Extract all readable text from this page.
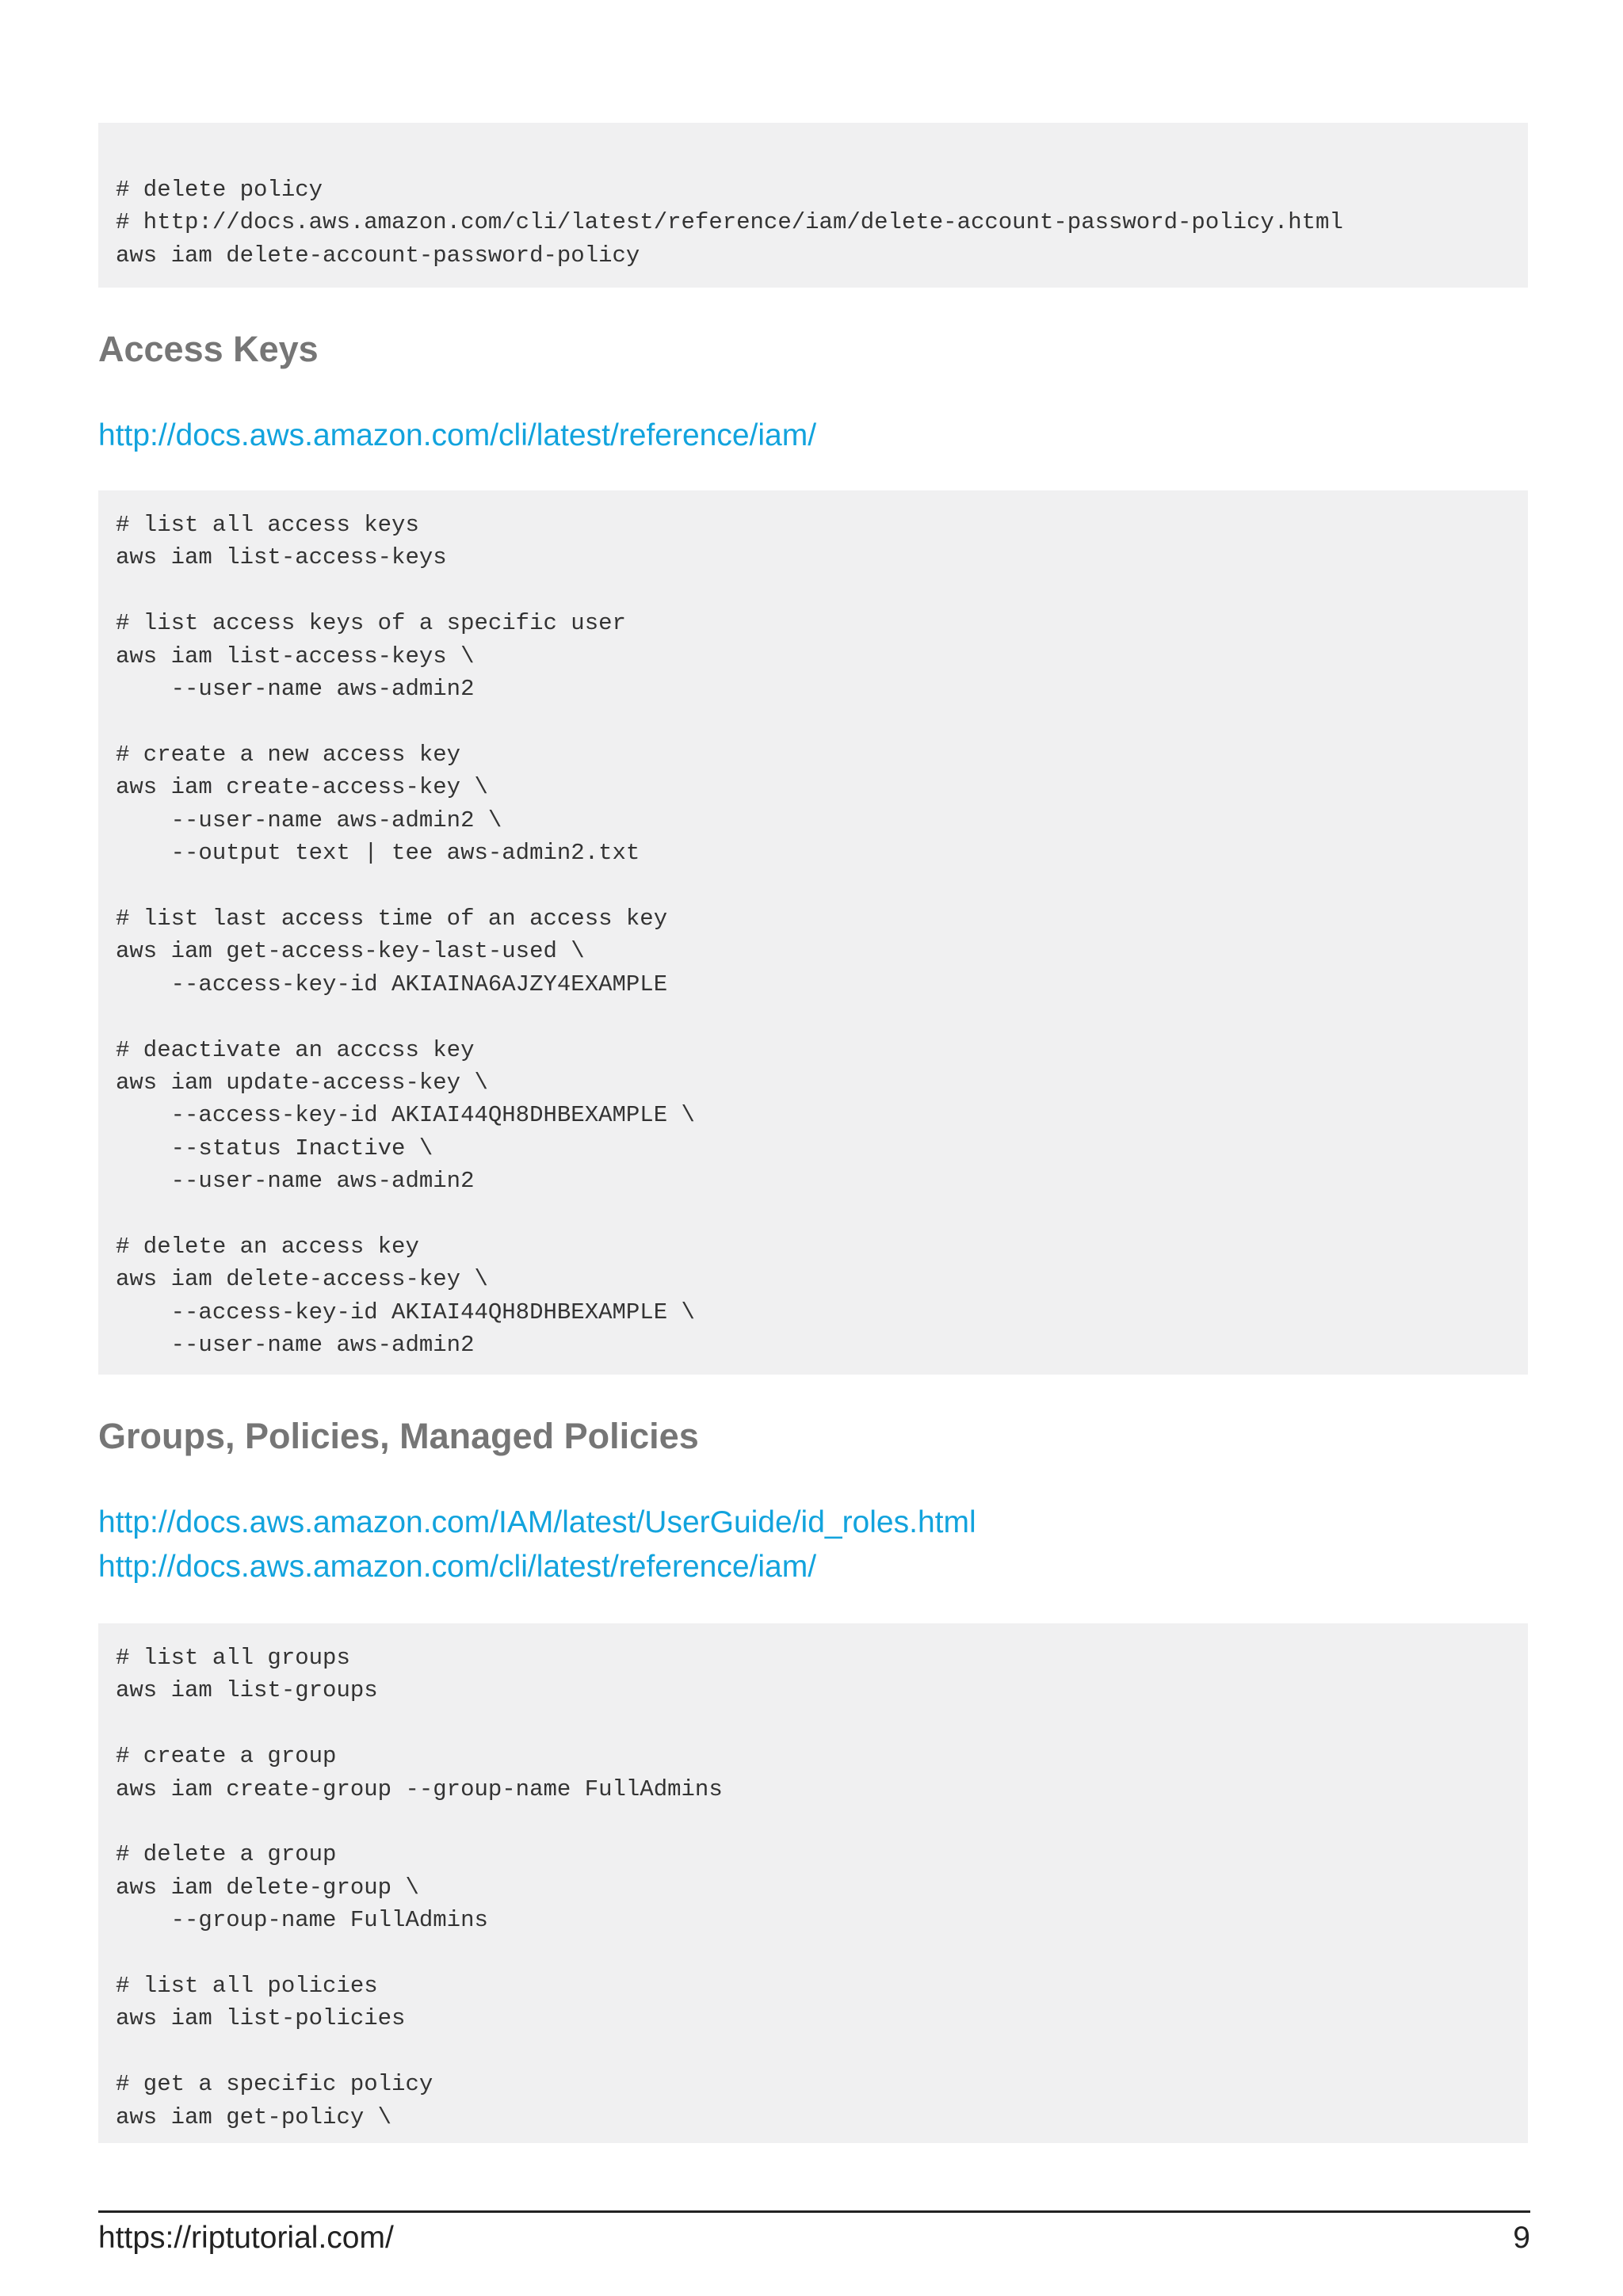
# delete policy
# http://docs.aws.amazon.com/cli/latest/reference/iam/delete-account-password-policy.html
aws iam delete-account-password-policy
Access Keys
http://docs.aws.amazon.com/cli/latest/reference/iam/
# list all access keys
aws iam list-access-keys

# list access keys of a specific user
aws iam list-access-keys \
--user-name aws-admin2

# create a new access key
aws iam create-access-key \
--user-name aws-admin2 \
--output text | tee aws-admin2.txt

# list last access time of an access key
aws iam get-access-key-last-used \
--access-key-id AKIAINA6AJZY4EXAMPLE

# deactivate an acccss key
aws iam update-access-key \
--access-key-id AKIAI44QH8DHBEXAMPLE \
--status Inactive \
--user-name aws-admin2

# delete an access key
aws iam delete-access-key \
--access-key-id AKIAI44QH8DHBEXAMPLE \
--user-name aws-admin2
Groups, Policies, Managed Policies
http://docs.aws.amazon.com/IAM/latest/UserGuide/id_roles.html
http://docs.aws.amazon.com/cli/latest/reference/iam/
# list all groups
aws iam list-groups

# create a group
aws iam create-group --group-name FullAdmins

# delete a group
aws iam delete-group \
--group-name FullAdmins

# list all policies
aws iam list-policies

# get a specific policy
aws iam get-policy \
https://riptutorial.com/	9
